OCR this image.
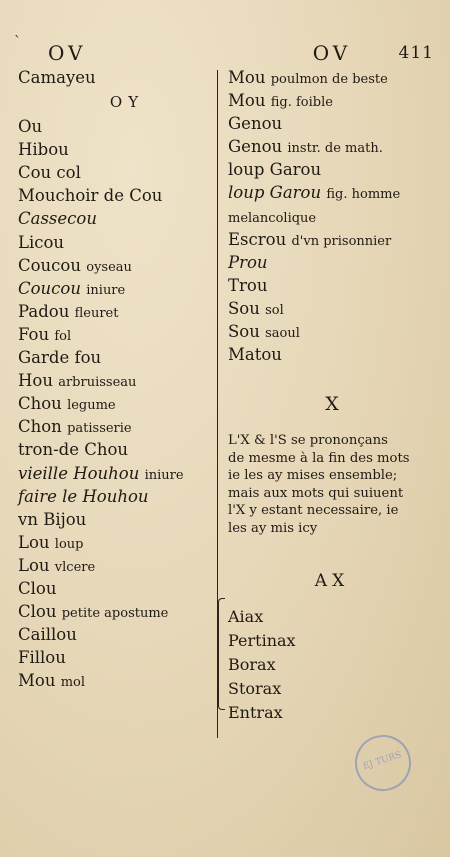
`	OV
Camayeu
OY
Ou
Hibou
Cou col
Mouchoir de Cou
Cassecou
Licou
Coucou oyseau
Coucou iniure
Padou fleuret
Fou fol
Garde fou
Hou arbruisseau
Chou legume
Chon patisserie
tron-de Chou
vieille Houhou iniure
faire le Houhou
vn Bijou
Lou loup
Lou vlcere
Clou
Clou petite apostume
Caillou
Fillou
Mou mol
OV	411
Mou poulmon de beste
Mou fig. foible
Genou
Genou instr. de math.
loup Garou
loup Garou fig. homme
melancolique
Escrou d'vn prisonnier
Prou
Trou
Sou sol
Sou saoul
Matou
X
L'X & l'S se prononçans
de mesme à la fin des mots
ie les ay mises ensemble;
mais aux mots qui suiuent
l'X y estant necessaire, ie
les ay mis icy
AX
Aiax
Pertinax
Borax
Storax
Entrax
EJ TURS
